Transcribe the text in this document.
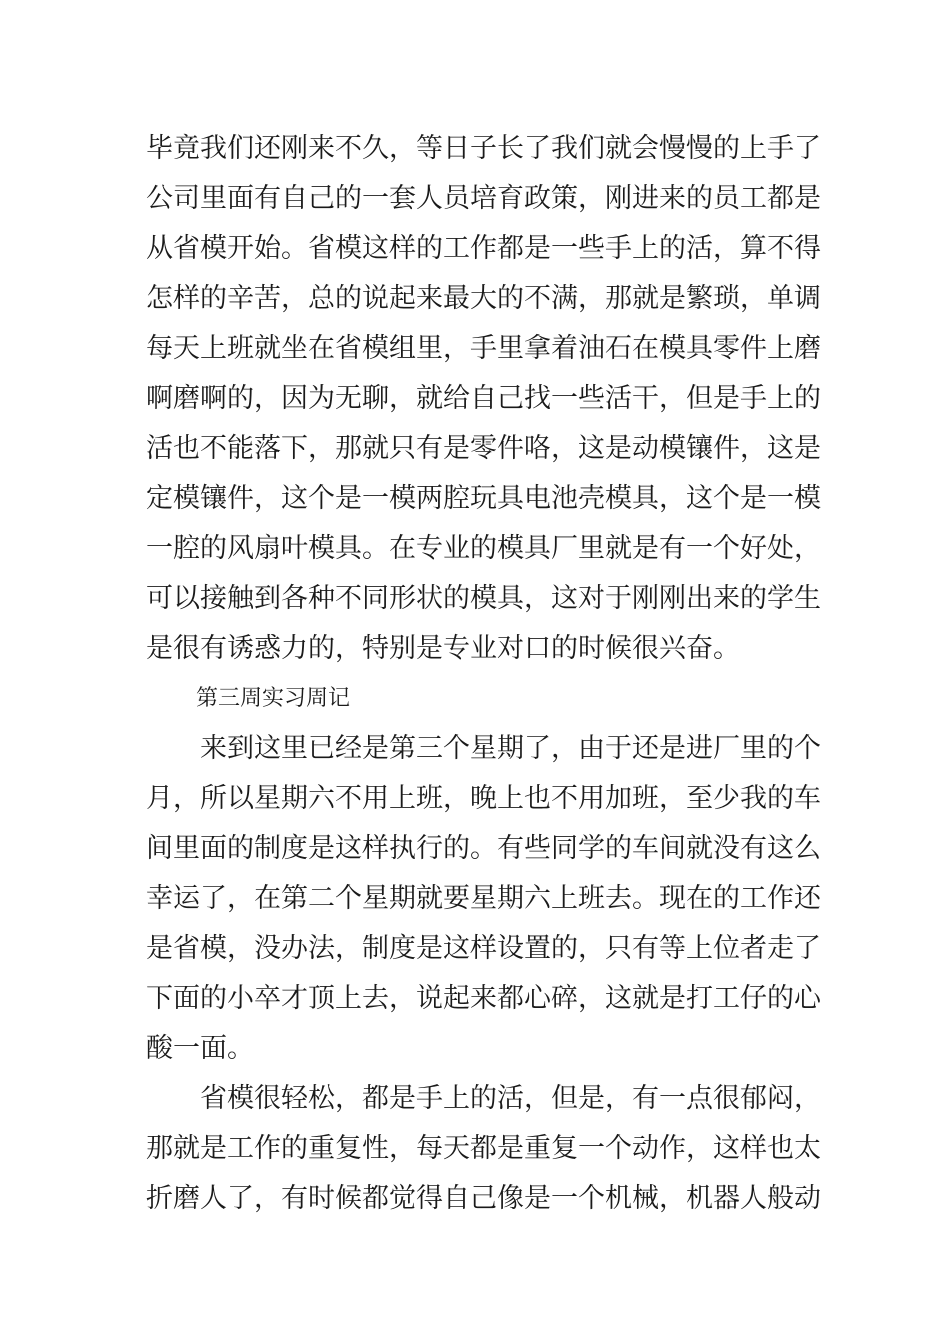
毕竟我们还刚来不久，等日子长了我们就会慢慢的上手了
公司里面有自己的一套人员培育政策，刚进来的员工都是
从省模开始。省模这样的工作都是一些手上的活，算不得
怎样的辛苦，总的说起来最大的不满，那就是繁琐，单调
每天上班就坐在省模组里，手里拿着油石在模具零件上磨
啊磨啊的，因为无聊，就给自己找一些活干，但是手上的
活也不能落下，那就只有是零件咯，这是动模镶件，这是
定模镶件，这个是一模两腔玩具电池壳模具，这个是一模
一腔的风扇叶模具。在专业的模具厂里就是有一个好处，
可以接触到各种不同形状的模具，这对于刚刚出来的学生
是很有诱惑力的，特别是专业对口的时候很兴奋。
第三周实习周记
来到这里已经是第三个星期了，由于还是进厂里的个
月，所以星期六不用上班，晚上也不用加班，至少我的车
间里面的制度是这样执行的。有些同学的车间就没有这么
幸运了，在第二个星期就要星期六上班去。现在的工作还
是省模，没办法，制度是这样设置的，只有等上位者走了
下面的小卒才顶上去，说起来都心碎，这就是打工仔的心
酸一面。
省模很轻松，都是手上的活，但是，有一点很郁闷，
那就是工作的重复性，每天都是重复一个动作，这样也太
折磨人了，有时候都觉得自己像是一个机械，机器人般动
